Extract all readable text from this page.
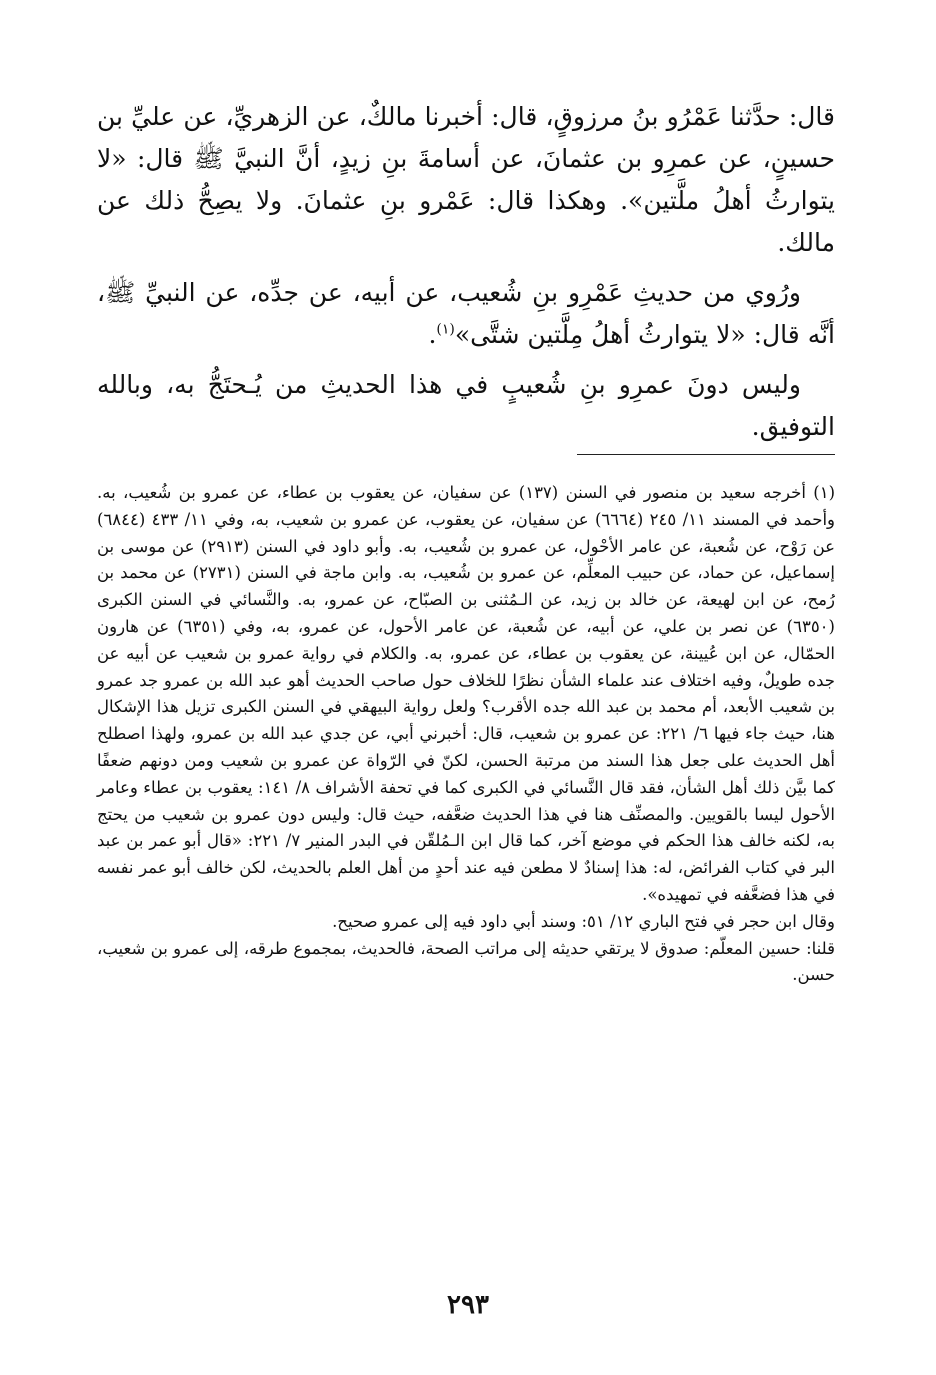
قال: حدَّثنا عَمْرُو بنُ مرزوقٍ، قال: أخبرنا مالكٌ، عن الزهريِّ، عن عليِّ بن حسينٍ، عن عمرِو بن عثمانَ، عن أسامةَ بنِ زيدٍ، أنَّ النبيَّ ﷺ قال: «لا يتوارثُ أهلُ ملَّتين». وهكذا قال: عَمْرو بنِ عثمانَ. ولا يصِحُّ ذلك عن مالك.

ورُوي من حديثِ عَمْرِو بنِ شُعيب، عن أبيه، عن جدِّه، عن النبيِّ ﷺ، أنَّه قال: «لا يتوارثُ أهلُ مِلَّتين شتَّى»$^{(١)}$.

وليس دونَ عمرِو بنِ شُعيبٍ في هذا الحديثِ من يُـحتَجُّ به، وبالله التوفيق.

(١) أخرجه سعيد بن منصور في السنن (١٣٧) عن سفيان، عن يعقوب بن عطاء، عن عمرو بن شُعيب، به. وأحمد في المسند ١١/ ٢٤٥ (٦٦٦٤) عن سفيان، عن يعقوب، عن عمرو بن شعيب، به، وفي ١١/ ٤٣٣ (٦٨٤٤) عن رَوْح، عن شُعبة، عن عامر الأحْول، عن عمرو بن شُعيب، به. وأبو داود في السنن (٢٩١٣) عن موسى بن إسماعيل، عن حماد، عن حبيب المعلِّم، عن عمرو بن شُعيب، به. وابن ماجة في السنن (٢٧٣١) عن محمد بن رُمح، عن ابن لهيعة، عن خالد بن زيد، عن الـمُثنى بن الصبّاح، عن عمرو، به. والنَّسائي في السنن الكبرى (٦٣٥٠) عن نصر بن علي، عن أبيه، عن شُعبة، عن عامر الأحول، عن عمرو، به، وفي (٦٣٥١) عن هارون الحمّال، عن ابن عُيينة، عن يعقوب بن عطاء، عن عمرو، به. والكلام في رواية عمرو بن شعيب عن أبيه عن جده طويلٌ، وفيه اختلاف عند علماء الشأن نظرًا للخلاف حول صاحب الحديث أهو عبد الله بن عمرو جد عمرو بن شعيب الأبعد، أم محمد بن عبد الله جده الأقرب؟ ولعل رواية البيهقي في السنن الكبرى تزيل هذا الإشكال هنا، حيث جاء فيها ٦/ ٢٢١: عن عمرو بن شعيب، قال: أخبرني أبي، عن جدي عبد الله بن عمرو، ولهذا اصطلح أهل الحديث على جعل هذا السند من مرتبة الحسن، لكنّ في الرّواة عن عمرو بن شعيب ومن دونهم ضعفًا كما بيَّن ذلك أهل الشأن، فقد قال النَّسائي في الكبرى كما في تحفة الأشراف ٨/ ١٤١: يعقوب بن عطاء وعامر الأحول ليسا بالقويين. والمصنِّف هنا في هذا الحديث ضعَّفه، حيث قال: وليس دون عمرو بن شعيب من يحتج به، لكنه خالف هذا الحكم في موضع آخر، كما قال ابن الـمُلقّن في البدر المنير ٧/ ٢٢١: «قال أبو عمر بن عبد البر في كتاب الفرائض، له: هذا إسنادٌ لا مطعن فيه عند أحدٍ من أهل العلم بالحديث، لكن خالف أبو عمر نفسه في هذا فضعَّفه في تمهيده».

وقال ابن حجر في فتح الباري ١٢/ ٥١: وسند أبي داود فيه إلى عمرو صحيح.

قلنا: حسين المعلّم: صدوق لا يرتقي حديثه إلى مراتب الصحة، فالحديث، بمجموع طرقه، إلى عمرو بن شعيب، حسن.

٢٩٣
